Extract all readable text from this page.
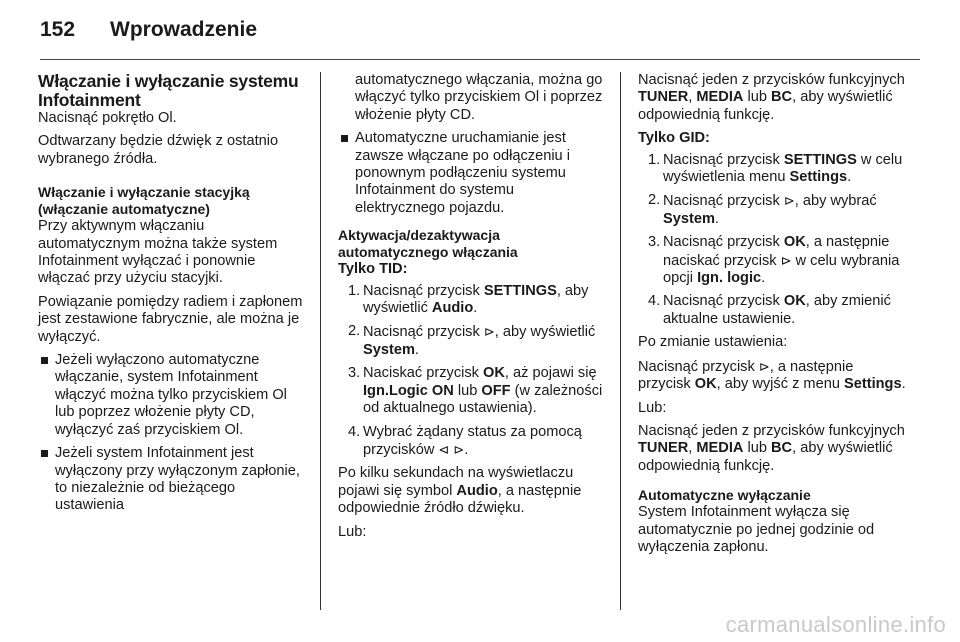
152	Wprowadzenie
Włączanie i wyłączanie systemu Infotainment

Nacisnąć pokrętło Ol.

Odtwarzany będzie dźwięk z ostatnio wybranego źródła.

Włączanie i wyłączanie stacyjką (włączanie automatyczne)

Przy aktywnym włączaniu automatycznym można także system Infotainment wyłączać i ponownie włączać przy użyciu stacyjki.

Powiązanie pomiędzy radiem i zapłonem jest zestawione fabrycznie, ale można je wyłączyć.

Jeżeli wyłączono automatyczne włączanie, system Infotainment włączyć można tylko przyciskiem Ol lub poprzez włożenie płyty CD, wyłączyć zaś przyciskiem Ol.
Jeżeli system Infotainment jest wyłączony przy wyłączonym zapłonie, to niezależnie od bieżącego ustawienia

automatycznego włączania, można go włączyć tylko przyciskiem Ol i poprzez włożenie płyty CD.

Automatyczne uruchamianie jest zawsze włączane po odłączeniu i ponownym podłączeniu systemu Infotainment do systemu elektrycznego pojazdu.
Aktywacja/dezaktywacja automatycznego włączania

Tylko TID:

1. Nacisnąć przycisk SETTINGS, aby wyświetlić Audio.
2. Nacisnąć przycisk ⊳, aby wyświetlić System.
3. Naciskać przycisk OK, aż pojawi się Ign.Logic ON lub OFF (w zależności od aktualnego ustawienia).
4. Wybrać żądany status za pomocą przycisków ⊲ ⊳.

Po kilku sekundach na wyświetlaczu pojawi się symbol Audio, a następnie odpowiednie źródło dźwięku.

Lub:

Nacisnąć jeden z przycisków funkcyjnych TUNER, MEDIA lub BC, aby wyświetlić odpowiednią funkcję.

Tylko GID:

1. Nacisnąć przycisk SETTINGS w celu wyświetlenia menu Settings.
2. Nacisnąć przycisk ⊳, aby wybrać System.
3. Nacisnąć przycisk OK, a następnie naciskać przycisk ⊳ w celu wybrania opcji Ign. logic.
4. Nacisnąć przycisk OK, aby zmienić aktualne ustawienie.

Po zmianie ustawienia:

Nacisnąć przycisk ⊳, a następnie przycisk OK, aby wyjść z menu Settings.

Lub:

Nacisnąć jeden z przycisków funkcyjnych TUNER, MEDIA lub BC, aby wyświetlić odpowiednią funkcję.

Automatyczne wyłączanie

System Infotainment wyłącza się automatycznie po jednej godzinie od wyłączenia zapłonu.

carmanualsonline.info
